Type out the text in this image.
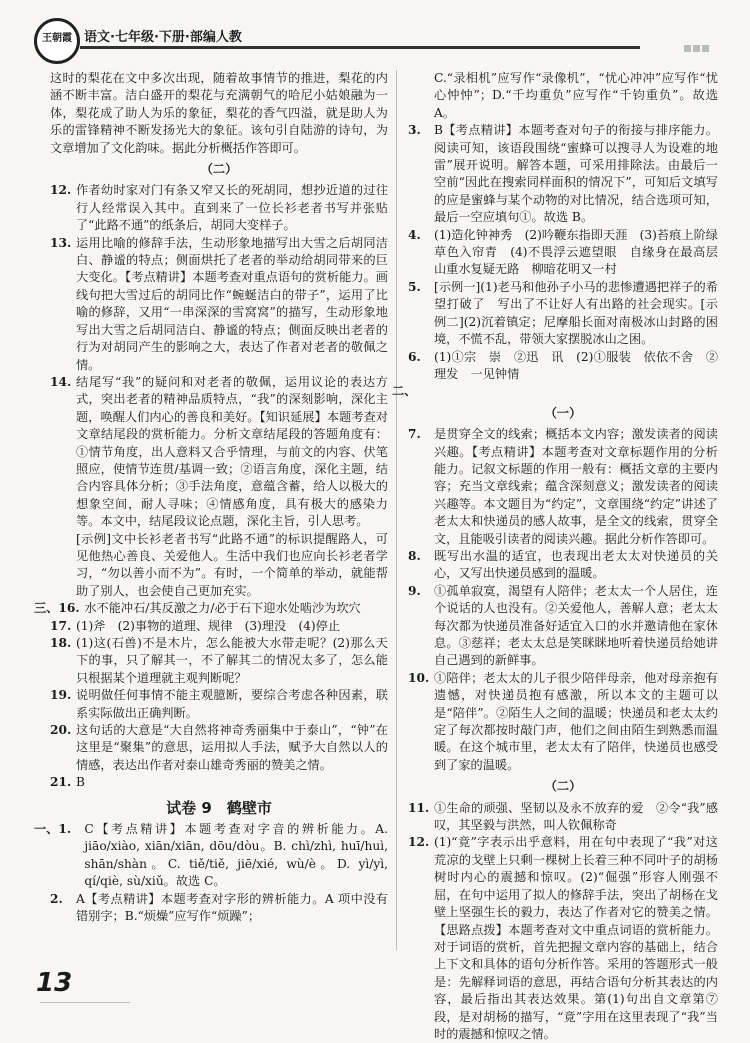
王朝霞 语文·七年级·下册·部编人教

这时的梨花在文中多次出现，随着故事情节的推进，梨花的内涵不断丰富。洁白盛开的梨花与充满朝气的哈尼小姑娘融为一体，梨花成了助人为乐的象征，梨花的香气四溢，就是助人为乐的雷锋精神不断发扬光大的象征。该句引自陆游的诗句，为文章增加了文化韵味。据此分析概括作答即可。

（二）

12. 作者幼时家对门有条又窄又长的死胡同，想抄近道的过往行人经常误入其中。直到来了一位长衫老者书写并张贴了“此路不通”的纸条后，胡同大变样子。

13. 运用比喻的修辞手法，生动形象地描写出大雪之后胡同洁白、静谧的特点；侧面烘托了老者的举动给胡同带来的巨大变化。【考点精讲】本题考查对重点语句的赏析能力。画线句把大雪过后的胡同比作“蜿蜒洁白的带子”，运用了比喻的修辞，又用“一串深深的雪窝窝”的描写，生动形象地写出大雪之后胡同洁白、静谧的特点；侧面反映出老者的行为对胡同产生的影响之大，表达了作者对老者的敬佩之情。

14. 结尾写“我”的疑问和对老者的敬佩，运用议论的表达方式，突出老者的精神品质特点，“我”的深刻影响，深化主题，唤醒人们内心的善良和美好。【知识延展】本题考查对文章结尾段的赏析能力。分析文章结尾段的答题角度有：①情节角度，出人意料又合乎情理，与前文的内容、伏笔照应，使情节连贯/基调一致；②语言角度，深化主题，结合内容具体分析；③手法角度，意蕴含蓄，给人以极大的想象空间，耐人寻味；④情感角度，具有极大的感染力等。本文中，结尾段议论点题，深化主旨，引人思考。

[示例]文中长衫老者书写“此路不通”的标识提醒路人，可见他热心善良、关爱他人。生活中我们也应向长衫老者学习，“勿以善小而不为”。有时，一个简单的举动，就能帮助了别人，也会使自己更加充实。

三、 16. 水不能冲石/其反激之力/必于石下迎水处啮沙为坎穴

17. (1)斧　(2)事物的道理、规律　(3)理没　(4)停止

18. (1)这(石兽)不是木片，怎么能被大水带走呢？(2)那么天下的事，只了解其一，不了解其二的情况太多了，怎么能只根据某个道理就主观判断呢？

19. 说明做任何事情不能主观臆断，要综合考虑各种因素，联系实际做出正确判断。

20. 这句话的大意是“大自然将神奇秀丽集中于泰山”，“钟”在这里是“聚集”的意思，运用拟人手法，赋予大自然以人的情感，表达出作者对泰山雄奇秀丽的赞美之情。

21. B

试卷 9　鹤壁市

一、 1.	C【考点精讲】本题考查对字音的辨析能力。A. jiāo/xiào, xiān/xiān, dōu/dòu。B. chì/zhì, huī/huì, shān/shàn。C. tiě/tiě, jiē/xié, wù/è。D. yì/yì, qí/qiè, sù/xiǔ。故选 C。

2.	A【考点精讲】本题考查对字形的辨析能力。A 项中没有错别字；B.“烦燥”应写作“烦躁”；

C.“录相机”应写作“录像机”，“忧心冲冲”应写作“忧心忡忡”；D.“千均重负”应写作“千钧重负”。故选 A。

3.	B【考点精讲】本题考查对句子的衔接与排序能力。阅读可知，该语段围绕“蜜蜂可以搜寻人为设难的地雷”展开说明。解答本题，可采用排除法。由最后一空前“因此在搜索同样面积的情况下”，可知后文填写的应是蜜蜂与某个动物的对比情况，结合选项可知，最后一空应填句①。故选 B。

4.	(1)造化钟神秀　(2)吟鞭东指即天涯　(3)苔痕上阶绿　草色入帘青　(4)不畏浮云遮望眼　自缘身在最高层　山重水复疑无路　柳暗花明又一村

5.	[示例一](1)老马和他孙子小马的悲惨遭遇把祥子的希望打破了　写出了不让好人有出路的社会现实。[示例二](2)沉着镇定；尼摩船长面对南极冰山封路的困境，不慌不乱，带领大家摆脱冰山之困。

6.	(1)①宗　崇　②迅　讯　(2)①服装　依依不舍　②理发　一见钟情

二、

（一）

7.	是贯穿全文的线索；概括本文内容；激发读者的阅读兴趣。【考点精讲】本题考查对文章标题作用的分析能力。记叙文标题的作用一般有：概括文章的主要内容；充当文章线索；蕴含深刻意义；激发读者的阅读兴趣等。本文题目为“约定”，文章围绕“约定”讲述了老太太和快递员的感人故事，是全文的线索，贯穿全文，且能吸引读者的阅读兴趣。据此分析作答即可。

8.	既写出水温的适宜，也表现出老太太对快递员的关心，又写出快递员感到的温暖。

9.	①孤单寂寞，渴望有人陪伴；老太太一个人居住，连个说话的人也没有。②关爱他人，善解人意；老太太每次都为快递员准备好适宜入口的水并邀请他在家休息。③慈祥；老太太总是笑眯眯地听着快递员给她讲自己遇到的新鲜事。

10. ①陪伴；老太太的儿子很少陪伴母亲，他对母亲抱有遗憾，对快递员抱有感激，所以本文的主题可以是“陪伴”。②陌生人之间的温暖；快递员和老太太约定了每次都按时敲门声，他们之间由陌生到熟悉而温暖。在这个城市里，老太太有了陪伴，快递员也感受到了家的温暖。

（二）

11. ①生命的顽强、坚韧以及永不放弃的爱　②令“我”感叹，其坚毅与洪然，叫人钦佩称奇

12. (1)“竟”字表示出乎意料，用在句中表现了“我”对这荒凉的戈壁上只剩一棵树上长着三种不同叶子的胡杨树时内心的震撼和惊叹。(2)“倔强”形容人刚强不屈，在句中运用了拟人的修辞手法，突出了胡杨在戈壁上坚强生长的毅力，表达了作者对它的赞美之情。【思路点拨】本题考查对文中重点词语的赏析能力。对于词语的赏析，首先把握文章内容的基础上，结合上下文和具体的语句分析作答。采用的答题形式一般是：先解释词语的意思，再结合语句分析其表达的内容，最后指出其表达效果。第(1)句出自文章第⑦段，是对胡杨的描写，“竟”字用在这里表现了“我”当时的震撼和惊叹之情。

13
